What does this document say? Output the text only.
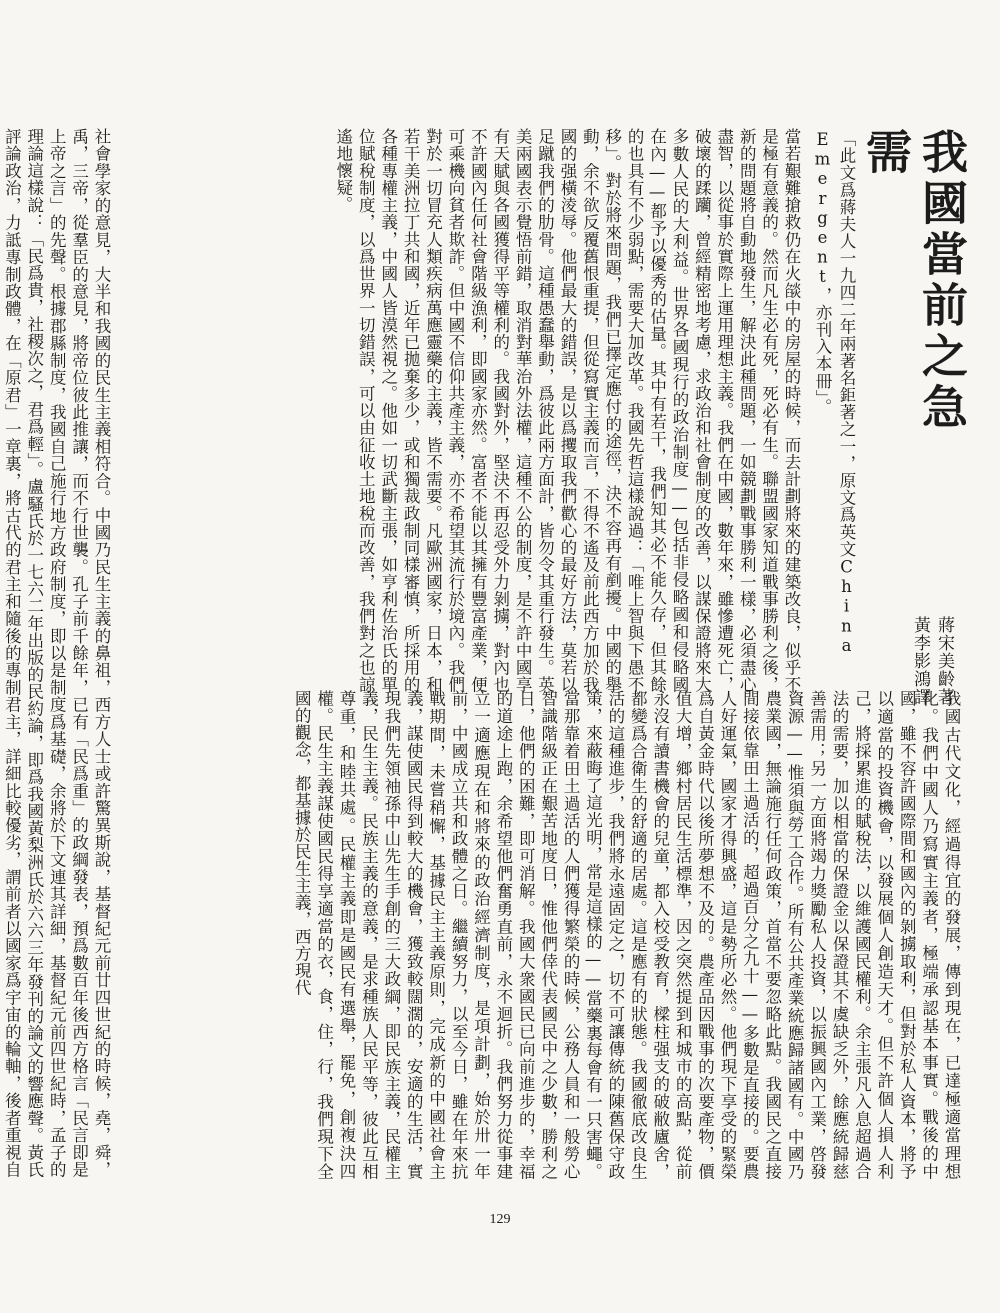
我國當前之急需
蔣宋美齡著
黃李影鴻譯
「此文爲蔣夫人一九四二年兩著名鉅著之一，原文爲英文China Emergent，亦刊入本冊」。
當若艱難搶救仍在火燄中的房屋的時候，而去計劃將來的建築改良，似乎不是極有意義的。然而凡生必有死，死必有生。聯盟國家知道戰事勝利之後，新的問題將自動地發生，解決此種問題，一如競劃戰事勝利一樣，必須盡心盡智，以從事於實際上運用理想主義。我們在中國，數年來，雖慘遭死亡，破壞的蹂躪，曾經精密地考慮，求政治和社會制度的改善，以謀保證將來大多數人民的大利益。世界各國現行的政治制度——包括非侵略國和侵略國在內——都予以優秀的估量。其中有若干，我們知其必不能久存，但其餘的也具有不少弱點，需要大加改革。我國先哲這樣說過：「唯上智與下愚不移」。對於將來問題，我們已擇定應付的途徑，決不容再有剷擾。中國的舉動，余不欲反覆舊恨重提，但從寫實主義而言，不得不遙及前此西方加於我國的强橫淩辱。他們最大的錯誤，是以爲攫取我們歡心的最好方法，莫若以足蹴我們的肋骨。這種愚蠢舉動，爲彼此兩方面計，皆勿令其重行發生。英美兩國表示覺悟前錯，取消對華治外法權，這種不公的制度，是不許中國享有天賦與各國獲得平等權利的。我國對外，堅決不再忍受外力剝擄，對內也不許國內任何社會階級漁利，即國家亦然。富者不能以其擁有豐富產業，便可乘機向貧者欺詐。但中國不信仰共產主義，亦不希望其流行於境內。我們對於一切冒充人類疾病萬應靈藥的主義，皆不需要。凡歐洲國家，日本，和若干美洲拉丁共和國，近年已拋棄多少，或和獨裁政制同樣審慎，所採用的各種專權主義，中國人皆漠然視之。他如一切武斷主張，如亨利佐治氏的單位賦稅制度，以爲世界一切錯誤，可以由征收土地稅而改善，我們對之也諒遙地懷疑。
我國古代文化，經過得宜的發展，傳到現在，已達極適當理想化。我們中國人乃寫實主義者，極端承認基本事實。戰後的中國，雖不容許國際間和國內的剝擄取利，但對於私人資本，將予以適當的投資機會，以發展個人創造天才。但不許個人損人利己，將採累進的賦稅法，以維護國民權利。余主張凡入息超過合法的需要，加以相當的保證金以保證其不虞缺乏外，餘應統歸慈善需用；另一方面將竭力獎勵私人投資，以振興國內工業，啓發資源——惟須與勞工合作。所有公共產業統應歸諸國有。中國乃農業國，無論施行任何政策，首當不要忽略此點。我國民之直接間接依靠田土過活的，超過百分之九十——多數是直接的。要農人好運氣，國家才得興盛，這是勢所必然。他們現下享受的緊榮爲自黃金時代以後所夢想不及的。農產品因戰事的次要產物，價值大增，鄉村居民生活標準，因之突然提到和城市的高點，從前永沒有讀書機會的兒童，都入校受教育，樑柱强支的破敝廬舍，都變爲合衛生的舒適的居處。這是應有的狀態。我國徹底改良生活的這種進步，我們將永遠固定之，切不可讓傳統的陳舊保守政策，來蔽晦了這光明，常是這樣的——當藥裏每會有一只害蠅。當那靠着田土過活的人們獲得繁榮的時候，公務人員和一般勞心智識階級正在艱苦地度日，惟他們倖代表國民中之少數，勝利之日，他們的困難，即可消解。我國大衆國民已向前進步的，幸福的道途上跑，余希望他們奮勇直前，永不迴折。我們努力從事建立一適應現在和將來的政治經濟制度，是項計劃，始於卅一年前，中國成立共和政體之日。繼續努力，以至今日，雖在年來抗戰期間，未嘗稍懈，基據民主主義原則，完成新的中國社會主義，謀使國民得到較大的機會，獲致較闊濶的，安適的生活，實現我們先領袖孫中山先生手創的三大政綱，即民族主義，民權主義，民生主義。民族主義的意義，是求種族人民平等，彼此互相尊重，和睦共處。民權主義即是國民有選舉，罷免，創複決四權。民生主義謀使國民得享適當的衣，食，住，行，我們現下全國的觀念，都基據於民生主義，西方現代
社會學家的意見，大半和我國的民生主義相符合。中國乃民生主義的鼻祖，西方人士或許驚異斯說，基督紀元前廿四世紀的時候，堯，舜，禹，三帝，從羣臣的意見，將帝位彼此推讓，而不行世襲。孔子前千餘年，已有「民爲重」的政綱發表，預爲數百年後西方格言「民言即是上帝之言」的先聲。根據郡縣制度，我國自己施行地方政府制度，即以是制度爲基礎，余將於下文連其詳細，基督紀元前四世紀時，孟子的理論這樣說：「民爲貴，社稷次之，君爲輕」。盧騷氏於一七六二年出版的民約論，即爲我國黃梨洲氏於六六三年發刊的論文的響應聲。黃氏評論政治，力詆專制政體，在「原君」一章裏，將古代的君主和隨後的專制君主，詳細比較優劣，謂前者以國家爲宇宙的輪軸，後者重視自
129
